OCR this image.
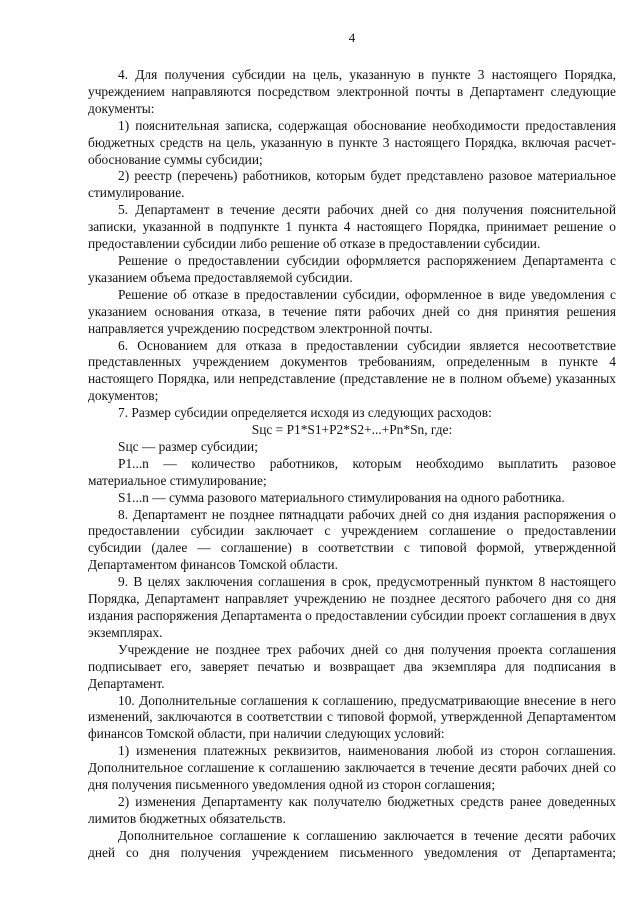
4

4. Для получения субсидии на цель, указанную в пункте 3 настоящего Порядка, учреждением направляются посредством электронной почты в Департамент следующие документы:

1) пояснительная записка, содержащая обоснование необходимости предоставления бюджетных средств на цель, указанную в пункте 3 настоящего Порядка, включая расчет-обоснование суммы субсидии;

2) реестр (перечень) работников, которым будет представлено разовое материальное стимулирование.

5. Департамент в течение десяти рабочих дней со дня получения пояснительной записки, указанной в подпункте 1 пункта 4 настоящего Порядка, принимает решение о предоставлении субсидии либо решение об отказе в предоставлении субсидии.

Решение о предоставлении субсидии оформляется распоряжением Департамента с указанием объема предоставляемой субсидии.

Решение об отказе в предоставлении субсидии, оформленное в виде уведомления с указанием основания отказа, в течение пяти рабочих дней со дня принятия решения направляется учреждению посредством электронной почты.

6. Основанием для отказа в предоставлении субсидии является несоответствие представленных учреждением документов требованиям, определенным в пункте 4 настоящего Порядка, или непредставление (представление не в полном объеме) указанных документов;

7. Размер субсидии определяется исходя из следующих расходов:

Sцс = P1*S1+P2*S2+...+Pn*Sn, где:

Sцс — размер субсидии;

P1...n — количество работников, которым необходимо выплатить разовое материальное стимулирование;

S1...n — сумма разового материального стимулирования на одного работника.

8. Департамент не позднее пятнадцати рабочих дней со дня издания распоряжения о предоставлении субсидии заключает с учреждением соглашение о предоставлении субсидии (далее — соглашение) в соответствии с типовой формой, утвержденной Департаментом финансов Томской области.

9. В целях заключения соглашения в срок, предусмотренный пунктом 8 настоящего Порядка, Департамент направляет учреждению не позднее десятого рабочего дня со дня издания распоряжения Департамента о предоставлении субсидии проект соглашения в двух экземплярах.

Учреждение не позднее трех рабочих дней со дня получения проекта соглашения подписывает его, заверяет печатью и возвращает два экземпляра для подписания в Департамент.

10. Дополнительные соглашения к соглашению, предусматривающие внесение в него изменений, заключаются в соответствии с типовой формой, утвержденной Департаментом финансов Томской области, при наличии следующих условий:

1) изменения платежных реквизитов, наименования любой из сторон соглашения. Дополнительное соглашение к соглашению заключается в течение десяти рабочих дней со дня получения письменного уведомления одной из сторон соглашения;

2) изменения Департаменту как получателю бюджетных средств ранее доведенных лимитов бюджетных обязательств.

Дополнительное соглашение к соглашению заключается в течение десяти рабочих дней со дня получения учреждением письменного уведомления от Департамента;
